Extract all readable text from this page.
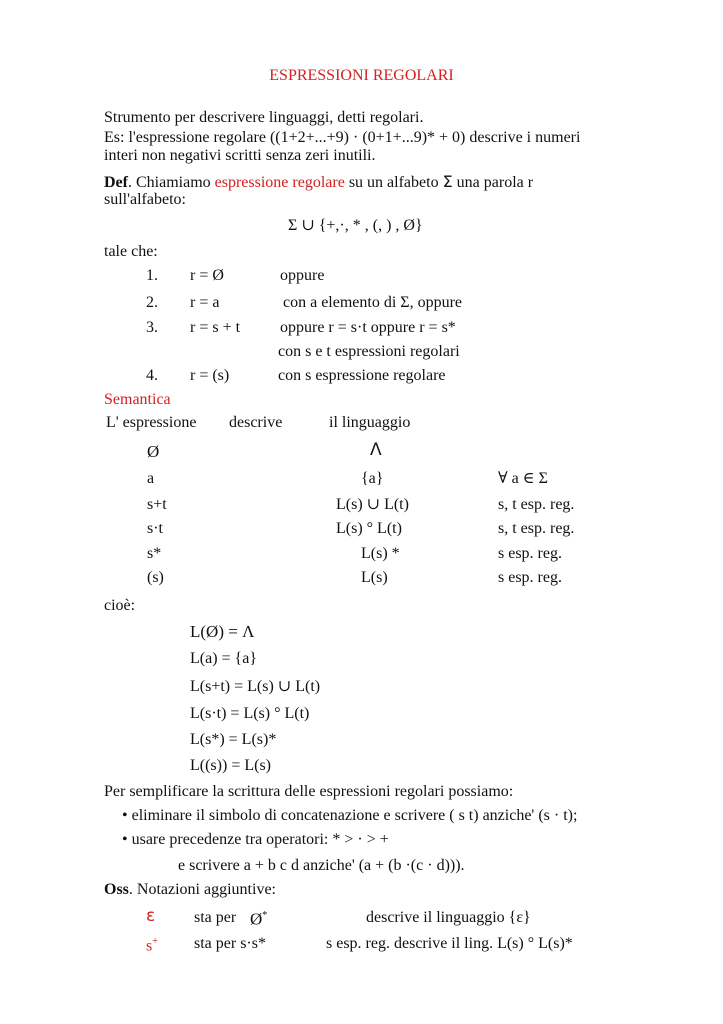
ESPRESSIONI REGOLARI
Strumento per descrivere linguaggi, detti regolari.
Es: l'espressione regolare ((1+2+...+9) · (0+1+...9)* + 0) descrive i numeri
interi non negativi scritti senza zeri inutili.
Def. Chiamiamo espressione regolare su un alfabeto Σ una parola r
sull'alfabeto:
Σ ∪ {+,·, * , (, ) , Ø}
tale che:
1. r = Ø	oppure
2. r = a	con a elemento di Σ, oppure
3. r = s + t oppure r = s·t oppure r = s*
con s e t espressioni regolari
4. r = (s)	con s espressione regolare
Semantica
L' espressione descrive	il linguaggio
Ø	Λ
a	{a}	∀ a ∈ Σ
s+t	L(s) ∪ L(t)	s, t esp. reg.
s·t	L(s) ° L(t)	s, t esp. reg.
s*	L(s) *	s esp. reg.
(s)	L(s)	s esp. reg.
cioè:
L(Ø) = Λ
L(a) = {a}
L(s+t) = L(s) ∪ L(t)
L(s·t) = L(s) ° L(t)
L(s*) = L(s)*
L((s)) = L(s)
Per semplificare la scrittura delle espressioni regolari possiamo:
• eliminare il simbolo di concatenazione e scrivere ( s t) anziche' (s · t);
• usare precedenze tra operatori: * > · > +
e scrivere a + b c d anziche' (a + (b ·(c · d))).
Oss. Notazioni aggiuntive:
ε sta per Ø*	descrive il linguaggio {ε}
s+ sta per s·s*	s esp. reg. descrive il ling. L(s) ° L(s)*
